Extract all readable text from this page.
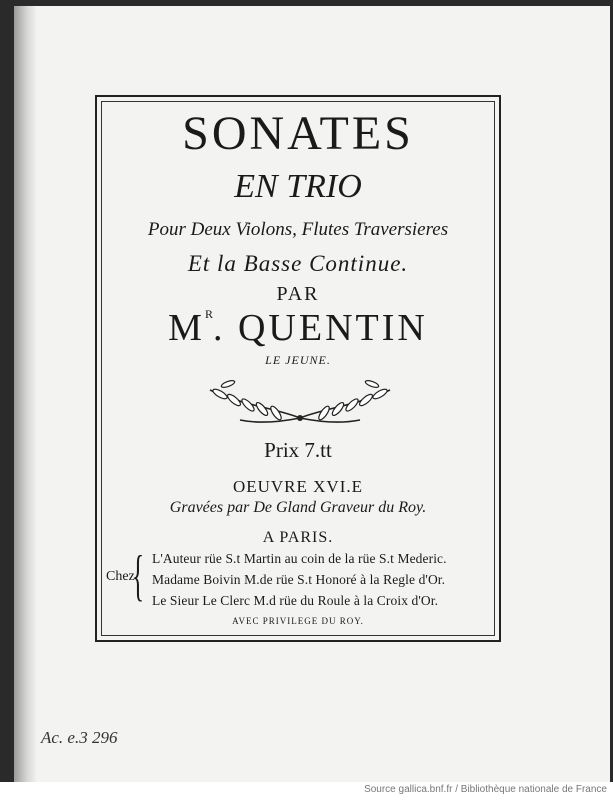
SONATES
EN TRIO
Pour Deux Violons, Flutes Traversieres
Et la Basse Continue.
PAR
$M^R$. QUENTIN
LE JEUNE.
Prix 7.tt
OEUVRE XVI.E
Gravées par De Gland Graveur du Roy.
A PARIS.
Chez
{ L'Auteur rüe S.t Martin au coin de la rüe S.t Mederic.
Madame Boivin M.de rüe S.t Honoré à la Regle d'Or.
Le Sieur Le Clerc M.d rüe du Roule à la Croix d'Or.
AVEC PRIVILEGE DU ROY.
Ac. e.3 296
Source gallica.bnf.fr / Bibliothèque nationale de France
